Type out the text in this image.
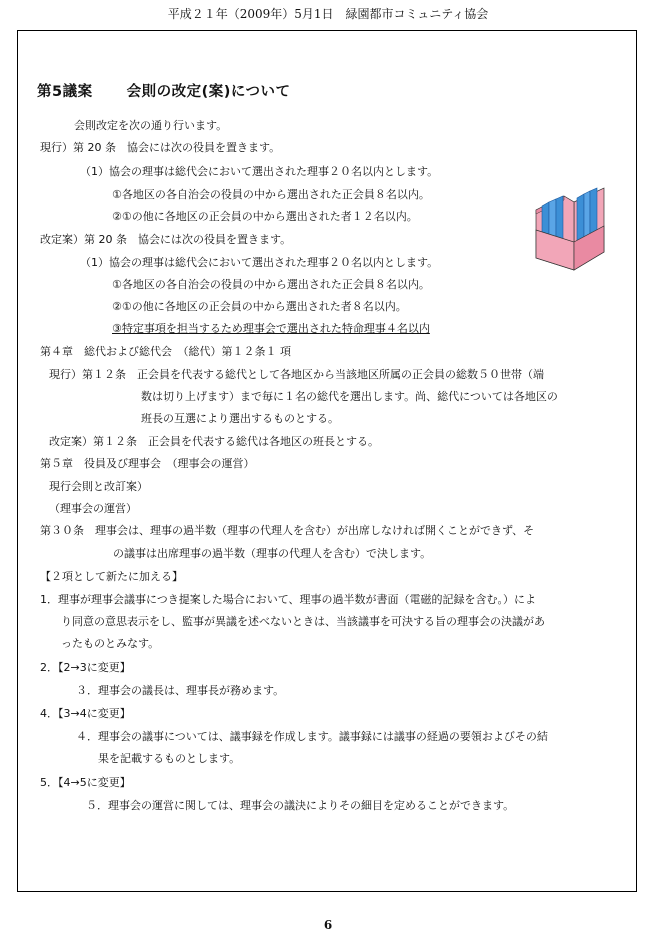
平成２１年（2009年）5月1日　緑園都市コミュニティ協会
第5議案 会則の改定(案)について
会則改定を次の通り行います。
現行）第 20 条　協会には次の役員を置きます。
（1）協会の理事は総代会において選出された理事２０名以内とします。
①各地区の各自治会の役員の中から選出された正会員８名以内。
②①の他に各地区の正会員の中から選出された者１２名以内。
改定案）第 20 条　協会には次の役員を置きます。
（1）協会の理事は総代会において選出された理事２０名以内とします。
①各地区の各自治会の役員の中から選出された正会員８名以内。
②①の他に各地区の正会員の中から選出された者８名以内。
③特定事項を担当するため理事会で選出された特命理事４名以内
第４章　総代および総代会　（総代）第１２条１ 項
現行）第１２条　正会員を代表する総代として各地区から当該地区所属の正会員の総数５０世帯（端
数は切り上げます）まで毎に１名の総代を選出します。尚、総代については各地区の
班長の互選により選出するものとする。
改定案）第１２条　正会員を代表する総代は各地区の班長とする。
第５章　役員及び理事会　（理事会の運営）
現行会則と改訂案）
（理事会の運営）
第３０条　理事会は、理事の過半数（理事の代理人を含む）が出席しなければ開くことができず、そ
の議事は出席理事の過半数（理事の代理人を含む）で決します。
【２項として新たに加える】
1．理事が理事会議事につき提案した場合において、理事の過半数が書面（電磁的記録を含む。）によ
り同意の意思表示をし、監事が異議を述べないときは、当該議事を可決する旨の理事会の決議があ
ったものとみなす。
2．【2→3に変更】
３．理事会の議長は、理事長が務めます。
4．【3→4に変更】
４．理事会の議事については、議事録を作成します。議事録には議事の経過の要領およびその結
果を記載するものとします。
5．【4→5に変更】
５．理事会の運営に関しては、理事会の議決によりその細目を定めることができます。
6
